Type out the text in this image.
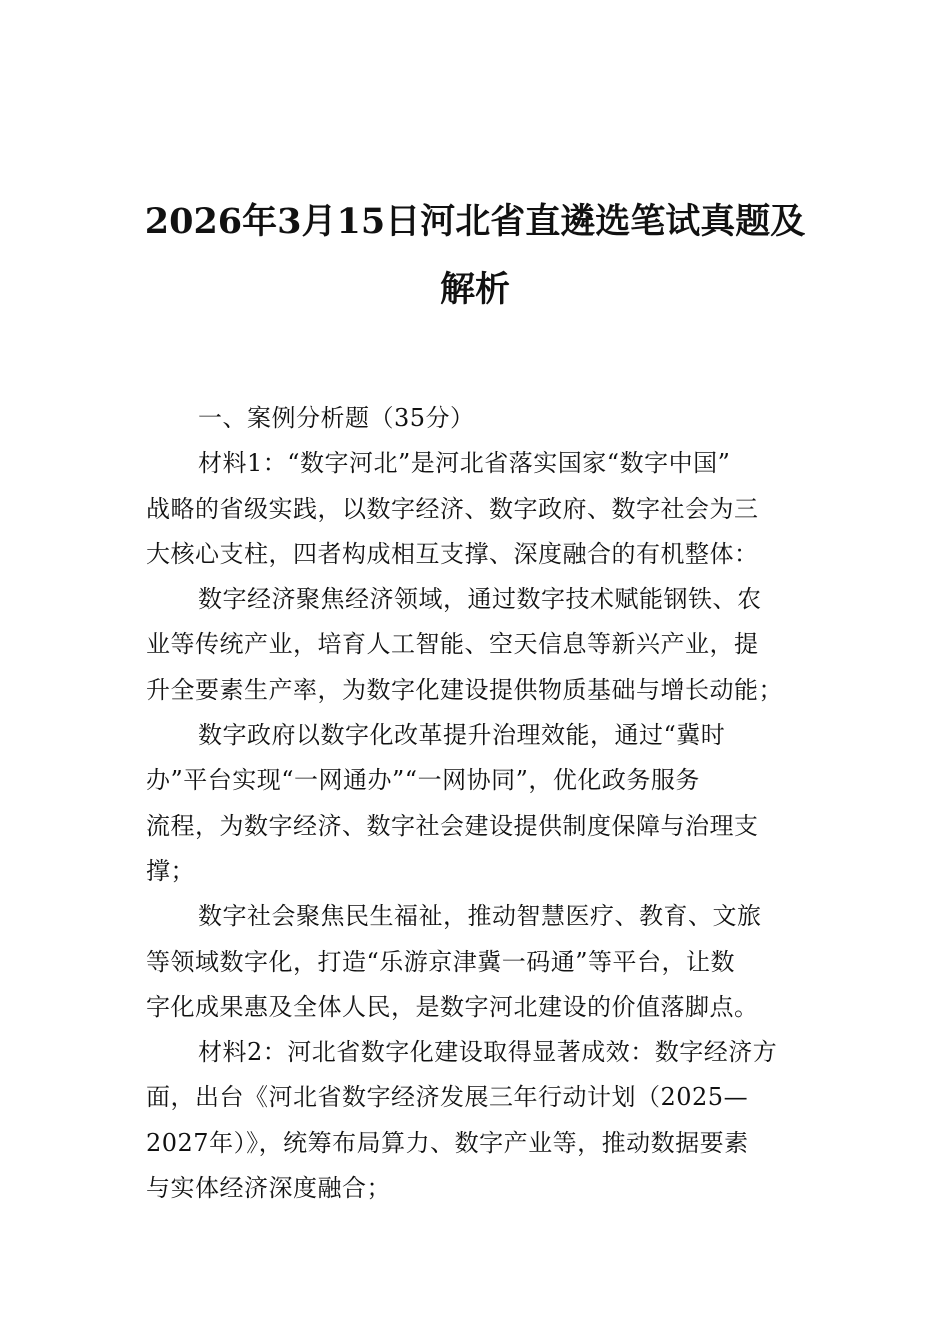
2026年3月15日河北省直遴选笔试真题及
解析
一、案例分析题（35分）
材料1：“数字河北”是河北省落实国家“数字中国”
战略的省级实践，以数字经济、数字政府、数字社会为三
大核心支柱，四者构成相互支撑、深度融合的有机整体：
数字经济聚焦经济领域，通过数字技术赋能钢铁、农
业等传统产业，培育人工智能、空天信息等新兴产业，提
升全要素生产率，为数字化建设提供物质基础与增长动能；
数字政府以数字化改革提升治理效能，通过“冀时
办”平台实现“一网通办”“一网协同”，优化政务服务
流程，为数字经济、数字社会建设提供制度保障与治理支
撑；
数字社会聚焦民生福祉，推动智慧医疗、教育、文旅
等领域数字化，打造“乐游京津冀一码通”等平台，让数
字化成果惠及全体人民，是数字河北建设的价值落脚点。
材料2：河北省数字化建设取得显著成效：数字经济方
面，出台《河北省数字经济发展三年行动计划（2025—
2027年）》，统筹布局算力、数字产业等，推动数据要素
与实体经济深度融合；
